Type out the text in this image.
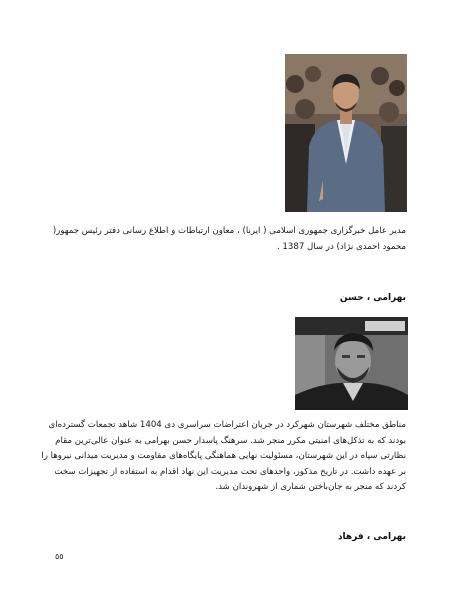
مدیر عامل خبرگزاری جمهوری اسلامی ( ایرنا) ، معاون ارتباطات و اطلاع رسانی دفتر رئیس جمهور(
محمود احمدی نژاد) در سال 1387 .
بهرامی ، حسن
مناطق مختلف شهرستان شهرکرد در جریان اعتراضات سراسری دی 1404 شاهد تجمعات گسترده‌ای
بودند که به تذکل‌های امنیتی مکرر منجر شد. سرهنگ پاسدار حسن بهرامی به عنوان عالی‌ترین مقام
نظارتی سپاه در این شهرستان، مسئولیت نهایی هماهنگی پایگاه‌های مقاومت و مدیریت میدانی نیروها را
بر عهده داشت. در تاریخ مذکور، واحدهای تحت مدیریت این نهاد اقدام به استفاده از تجهیزات سخت
کردند که منجر به جان‌باختن شماری از شهروندان شد.
بهرامی ، فرهاد
٥٥
